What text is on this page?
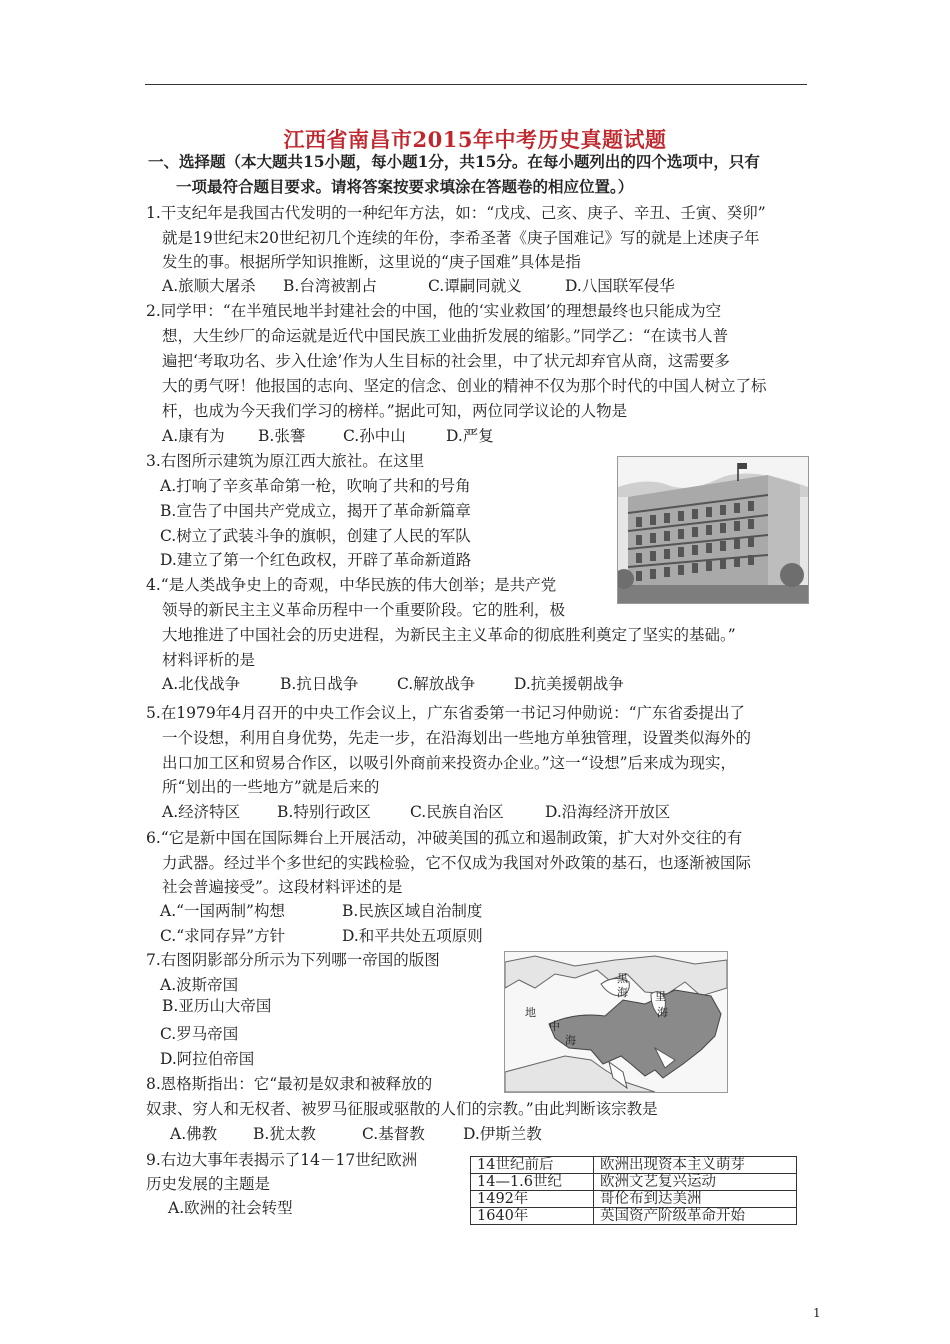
江西省南昌市2015年中考历史真题试题
一、选择题（本大题共15小题，每小题1分，共15分。在每小题列出的四个选项中，只有
一项最符合题目要求。请将答案按要求填涂在答题卷的相应位置。）
1.干支纪年是我国古代发明的一种纪年方法，如：“戊戌、己亥、庚子、辛丑、壬寅、癸卯”
就是19世纪末20世纪初几个连续的年份，李希圣著《庚子国难记》写的就是上述庚子年
发生的事。根据所学知识推断，这里说的“庚子国难”具体是指
A.旅顺大屠杀 B.台湾被割占	C.谭嗣同就义	D.八国联军侵华
2.同学甲：“在半殖民地半封建社会的中国，他的‘实业救国’的理想最终也只能成为空
想，大生纱厂的命运就是近代中国民族工业曲折发展的缩影。”同学乙：“在读书人普
遍把‘考取功名、步入仕途’作为人生目标的社会里，中了状元却弃官从商，这需要多
大的勇气呀！他报国的志向、坚定的信念、创业的精神不仅为那个时代的中国人树立了标
杆，也成为今天我们学习的榜样。”据此可知，两位同学议论的人物是
A.康有为 B.张謇 C.孙中山	D.严复
3.右图所示建筑为原江西大旅社。在这里
A.打响了辛亥革命第一枪，吹响了共和的号角
B.宣告了中国共产党成立，揭开了革命新篇章
C.树立了武装斗争的旗帜，创建了人民的军队
D.建立了第一个红色政权，开辟了革命新道路
4.“是人类战争史上的奇观，中华民族的伟大创举；是共产党
领导的新民主主义革命历程中一个重要阶段。它的胜利，极
大地推进了中国社会的历史进程，为新民主主义革命的彻底胜利奠定了坚实的基础。”
材料评析的是
A.北伐战争	B.抗日战争 C.解放战争	D.抗美援朝战争
5.在1979年4月召开的中央工作会议上，广东省委第一书记习仲勋说：“广东省委提出了
一个设想，利用自身优势，先走一步，在沿海划出一些地方单独管理，设置类似海外的
出口加工区和贸易合作区，以吸引外商前来投资办企业。”这一“设想”后来成为现实，
所“划出的一些地方”就是后来的
A.经济特区 B.特别行政区	C.民族自治区	D.沿海经济开放区
6.“它是新中国在国际舞台上开展活动，冲破美国的孤立和遏制政策，扩大对外交往的有
力武器。经过半个多世纪的实践检验，它不仅成为我国对外政策的基石，也逐渐被国际
社会普遍接受”。这段材料评述的是
A.“一国两制”构想	B.民族区域自治制度
C.“求同存异”方针	D.和平共处五项原则
7.右图阴影部分所示为下列哪一帝国的版图
A.波斯帝国
B.亚历山大帝国
C.罗马帝国
D.阿拉伯帝国
黑
海
地
中
海
里
海
8.恩格斯指出：它“最初是奴隶和被释放的
奴隶、穷人和无权者、被罗马征服或驱散的人们的宗教。”由此判断该宗教是
A.佛教 B.犹太教	C.基督教 D.伊斯兰教
9.右边大事年表揭示了14－17世纪欧洲
历史发展的主题是
A.欧洲的社会转型
14世纪前后	欧洲出现资本主义萌芽
14—1.6世纪	欧洲文艺复兴运动
1492年	哥伦布到达美洲
1640年	英国资产阶级革命开始
1
